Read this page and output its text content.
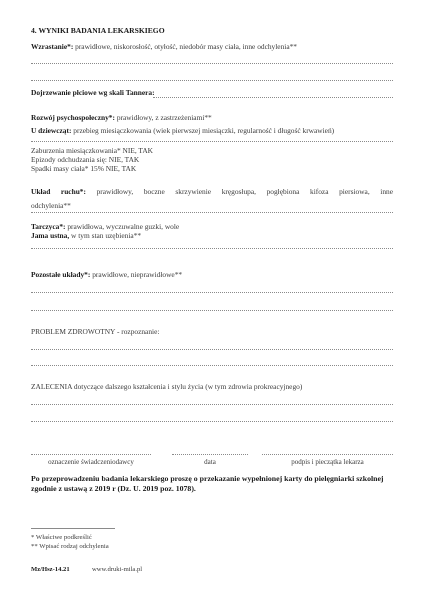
4. WYNIKI BADANIA LEKARSKIEGO
Wzrastanie*: prawidłowe, niskorosłość, otyłość, niedobór masy ciała, inne odchylenia**
Dojrzewanie płciowe wg skali Tannera:
Rozwój psychospołeczny*: prawidłowy, z zastrzeżeniami**
U dziewcząt: przebieg miesiączkowania (wiek pierwszej miesiączki, regularność i długość krwawień)
Zaburzenia miesiączkowania* NIE, TAK
Epizody odchudzania się: NIE, TAK
Spadki masy ciała* 15% NIE, TAK
Układ ruchu*: prawidłowy, boczne skrzywienie kręgosłupa, pogłębiona kifoza piersiowa, inne
odchylenia**
Tarczyca*: prawidłowa, wyczuwalne guzki, wole
Jama ustna, w tym stan uzębienia**
Pozostałe układy*: prawidłowe, nieprawidłowe**
PROBLEM ZDROWOTNY - rozpoznanie:
ZALECENIA dotyczące dalszego kształcenia i stylu życia (w tym zdrowia prokreacyjnego)
oznaczenie świadczeniodawcy	data	podpis i pieczątka lekarza
Po przeprowadzeniu badania lekarskiego proszę o przekazanie wypełnionej karty do pielęgniarki szkolnej zgodnie z ustawą z 2019 r (Dz. U. 2019 poz. 1078).
* Właściwe podkreślić
** Wpisać rodzaj odchylenia
Mz/Hsz-14.21	www.druki-mila.pl
